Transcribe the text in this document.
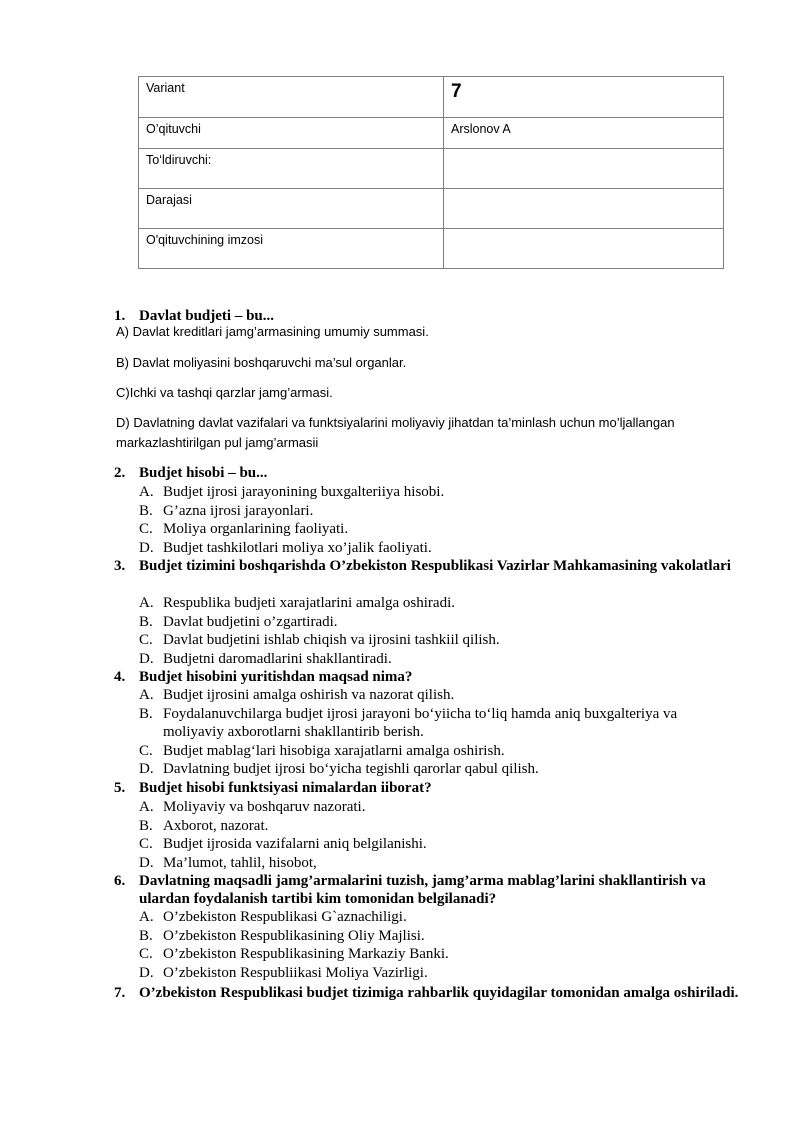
Variant	7
O’qituvchi	Arslonov A
To‘ldiruvchi:	
Darajasi	
O'qituvchining imzosi	
1. Davlat budjeti – bu...
A) Davlat kreditlari jamg’armasining umumiy summasi.
B) Davlat moliyasini boshqaruvchi ma’sul organlar.
C)Ichki va tashqi qarzlar jamg’armasi.
D) Davlatning davlat vazifalari va funktsiyalarini moliyaviy jihatdan ta’minlash uchun mo’ljallangan markazlashtirilgan pul jamg’armasii
2. Budjet hisobi – bu...
A. Budjet ijrosi jarayonining buxgalteriiya hisobi.
B. G’azna ijrosi jarayonlari.
C. Moliya organlarining faoliyati.
D. Budjet tashkilotlari moliya xo’jalik faoliyati.
3. Budjet tizimini boshqarishda O’zbekiston Respublikasi Vazirlar Mahkamasining vakolatlari
A. Respublika budjeti xarajatlarini amalga oshiradi.
B. Davlat budjetini o’zgartiradi.
C. Davlat budjetini ishlab chiqish va ijrosini tashkiil qilish.
D. Budjetni daromadlarini shakllantiradi.
4. Budjet hisobini yuritishdan maqsad nima?
A. Budjet ijrosini amalga oshirish va nazorat qilish.
B. Foydalanuvchilarga budjet ijrosi jarayoni bo‘yiicha to‘liq hamda aniq buxgalteriya va moliyaviy axborotlarni shakllantirib berish.
C. Budjet mablag‘lari hisobiga xarajatlarni amalga oshirish.
D. Davlatning budjet ijrosi bo‘yicha tegishli qarorlar qabul qilish.
5. Budjet hisobi funktsiyasi nimalardan iiborat?
A. Moliyaviy va boshqaruv nazorati.
B. Axborot, nazorat.
C. Budjet ijrosida vazifalarni aniq belgilanishi.
D. Ma’lumot, tahlil, hisobot,
6. Davlatning maqsadli jamg’armalarini tuzish, jamg’arma mablag’larini shakllantirish va ulardan foydalanish tartibi kim tomonidan belgilanadi?
A. O’zbekiston Respublikasi G`aznachiligi.
B. O’zbekiston Respublikasining Oliy Majlisi.
C. O’zbekiston Respublikasining Markaziy Banki.
D. O’zbekiston Respubliikasi Moliya Vazirligi.
7. O’zbekiston Respublikasi budjet tizimiga rahbarlik quyidagilar tomonidan amalga oshiriladi.
